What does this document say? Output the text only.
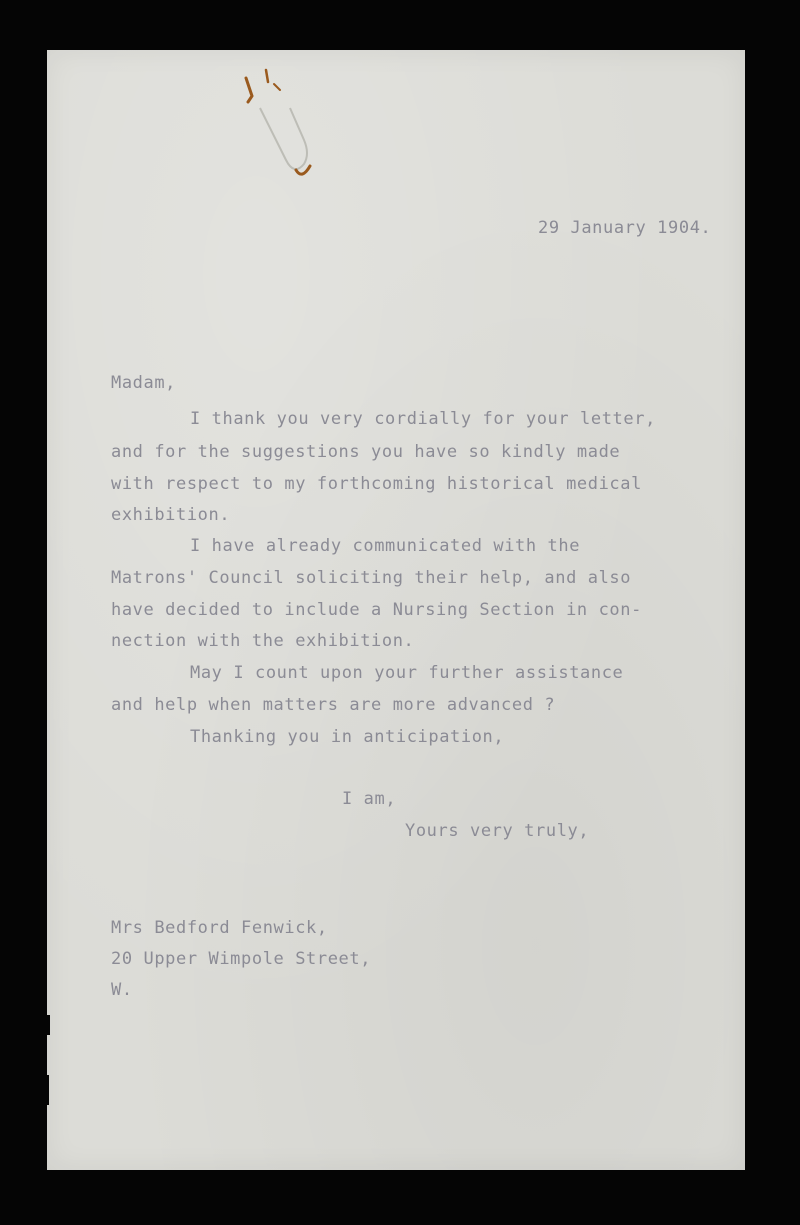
29 January 1904.
Madam,
I thank you very cordially for your letter,
and for the suggestions you have so kindly made
with respect to my forthcoming historical medical
exhibition.
I have already communicated with the
Matrons' Council soliciting their help, and also
have decided to include a Nursing Section in con-
nection with the exhibition.
May I count upon your further assistance
and help when matters are more advanced ?
Thanking you in anticipation,
I am,
Yours very truly,
Mrs Bedford Fenwick,
20 Upper Wimpole Street,
W.
